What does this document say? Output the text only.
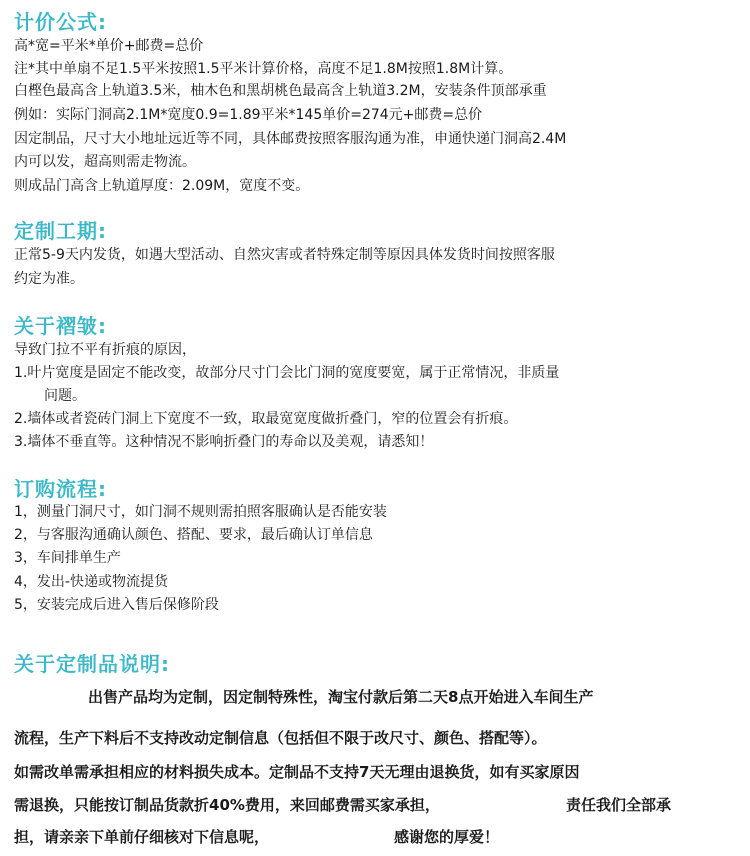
计价公式:

高*宽=平米*单价+邮费=总价

注*其中单扇不足1.5平米按照1.5平米计算价格，高度不足1.8M按照1.8M计算。

白樫色最高含上轨道3.5米，柚木色和黑胡桃色最高含上轨道3.2M，安装条件顶部承重

例如：实际门洞高2.1M*宽度0.9=1.89平米*145单价=274元+邮费=总价

因定制品，尺寸大小地址远近等不同，具体邮费按照客服沟通为准，申通快递门洞高2.4M

内可以发，超高则需走物流。

则成品门高含上轨道厚度：2.09M，宽度不变。

定制工期:

正常5-9天内发货，如遇大型活动、自然灾害或者特殊定制等原因具体发货时间按照客服

约定为准。

关于褶皱:

导致门拉不平有折痕的原因，

1.叶片宽度是固定不能改变，故部分尺寸门会比门洞的宽度要宽，属于正常情况，非质量

问题。

2.墙体或者瓷砖门洞上下宽度不一致，取最宽宽度做折叠门，窄的位置会有折痕。

3.墙体不垂直等。这种情况不影响折叠门的寿命以及美观，请悉知！

订购流程:

1，测量门洞尺寸，如门洞不规则需拍照客服确认是否能安装

2，与客服沟通确认颜色、搭配、要求，最后确认订单信息

3，车间排单生产

4，发出-快递或物流提货

5，安装完成后进入售后保修阶段

关于定制品说明:

出售产品均为定制，因定制特殊性，淘宝付款后第二天8点开始进入车间生产

流程，生产下料后不支持改动定制信息（包括但不限于改尺寸、颜色、搭配等）。

如需改单需承担相应的材料损失成本。定制品不支持7天无理由退换货，如有买家原因

需退换，只能按订制品货款折40%费用，来回邮费需买家承担，	责任我们全部承

担，请亲亲下单前仔细核对下信息呢，	感谢您的厚爱！
